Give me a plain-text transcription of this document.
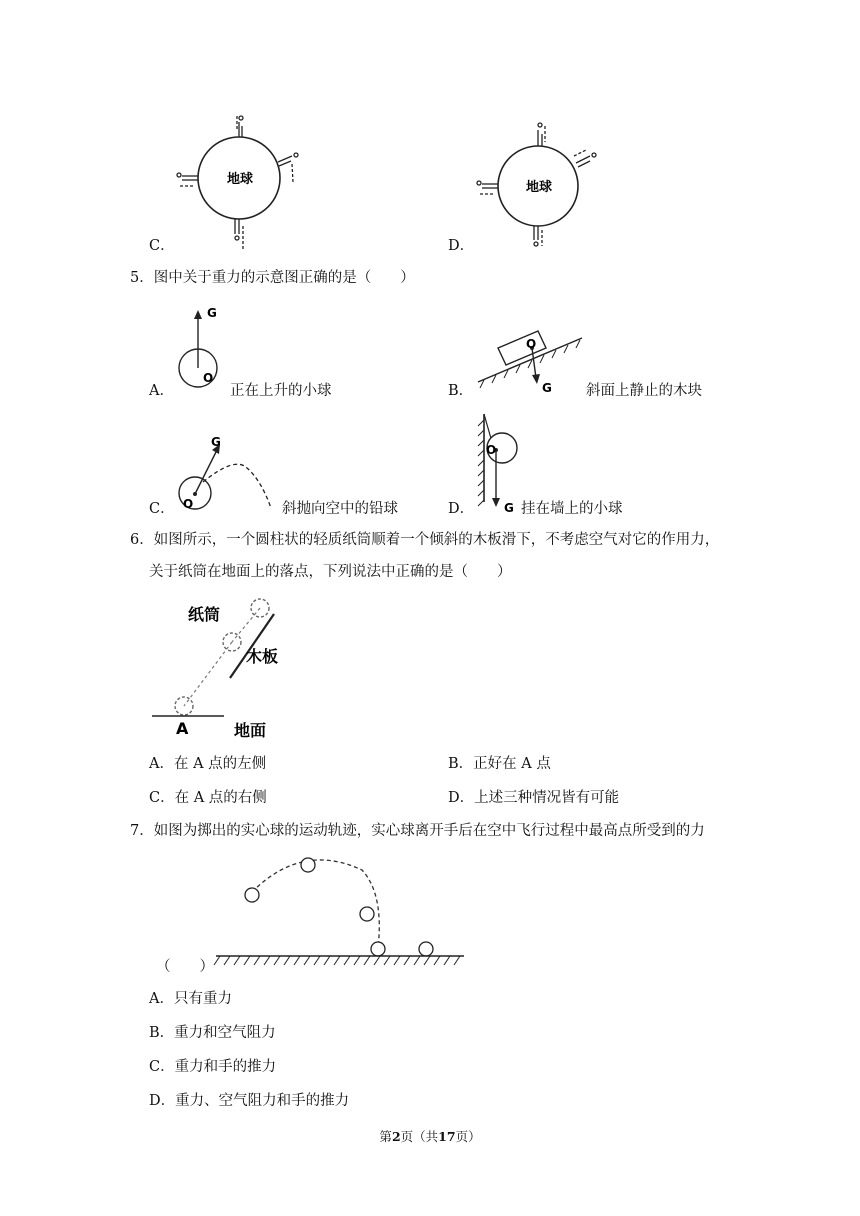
地球
地球
C．	D．
5．图中关于重力的示意图正确的是（　　）
G
O
A．	正在上升的小球
O
G
B．	斜面上静止的木块
G
O
C．	斜抛向空中的铅球
O
G
D．	挂在墙上的小球
6．如图所示，一个圆柱状的轻质纸筒顺着一个倾斜的木板滑下，不考虑空气对它的作用力，
关于纸筒在地面上的落点，下列说法中正确的是（　　）
纸筒
木板
A	地面
A．在 A 点的左侧	B．正好在 A 点
C．在 A 点的右侧	D．上述三种情况皆有可能
7．如图为掷出的实心球的运动轨迹，实心球离开手后在空中飞行过程中最高点所受到的力
（　　）
A．只有重力
B．重力和空气阻力
C．重力和手的推力
D．重力、空气阻力和手的推力
第2页（共17页）
